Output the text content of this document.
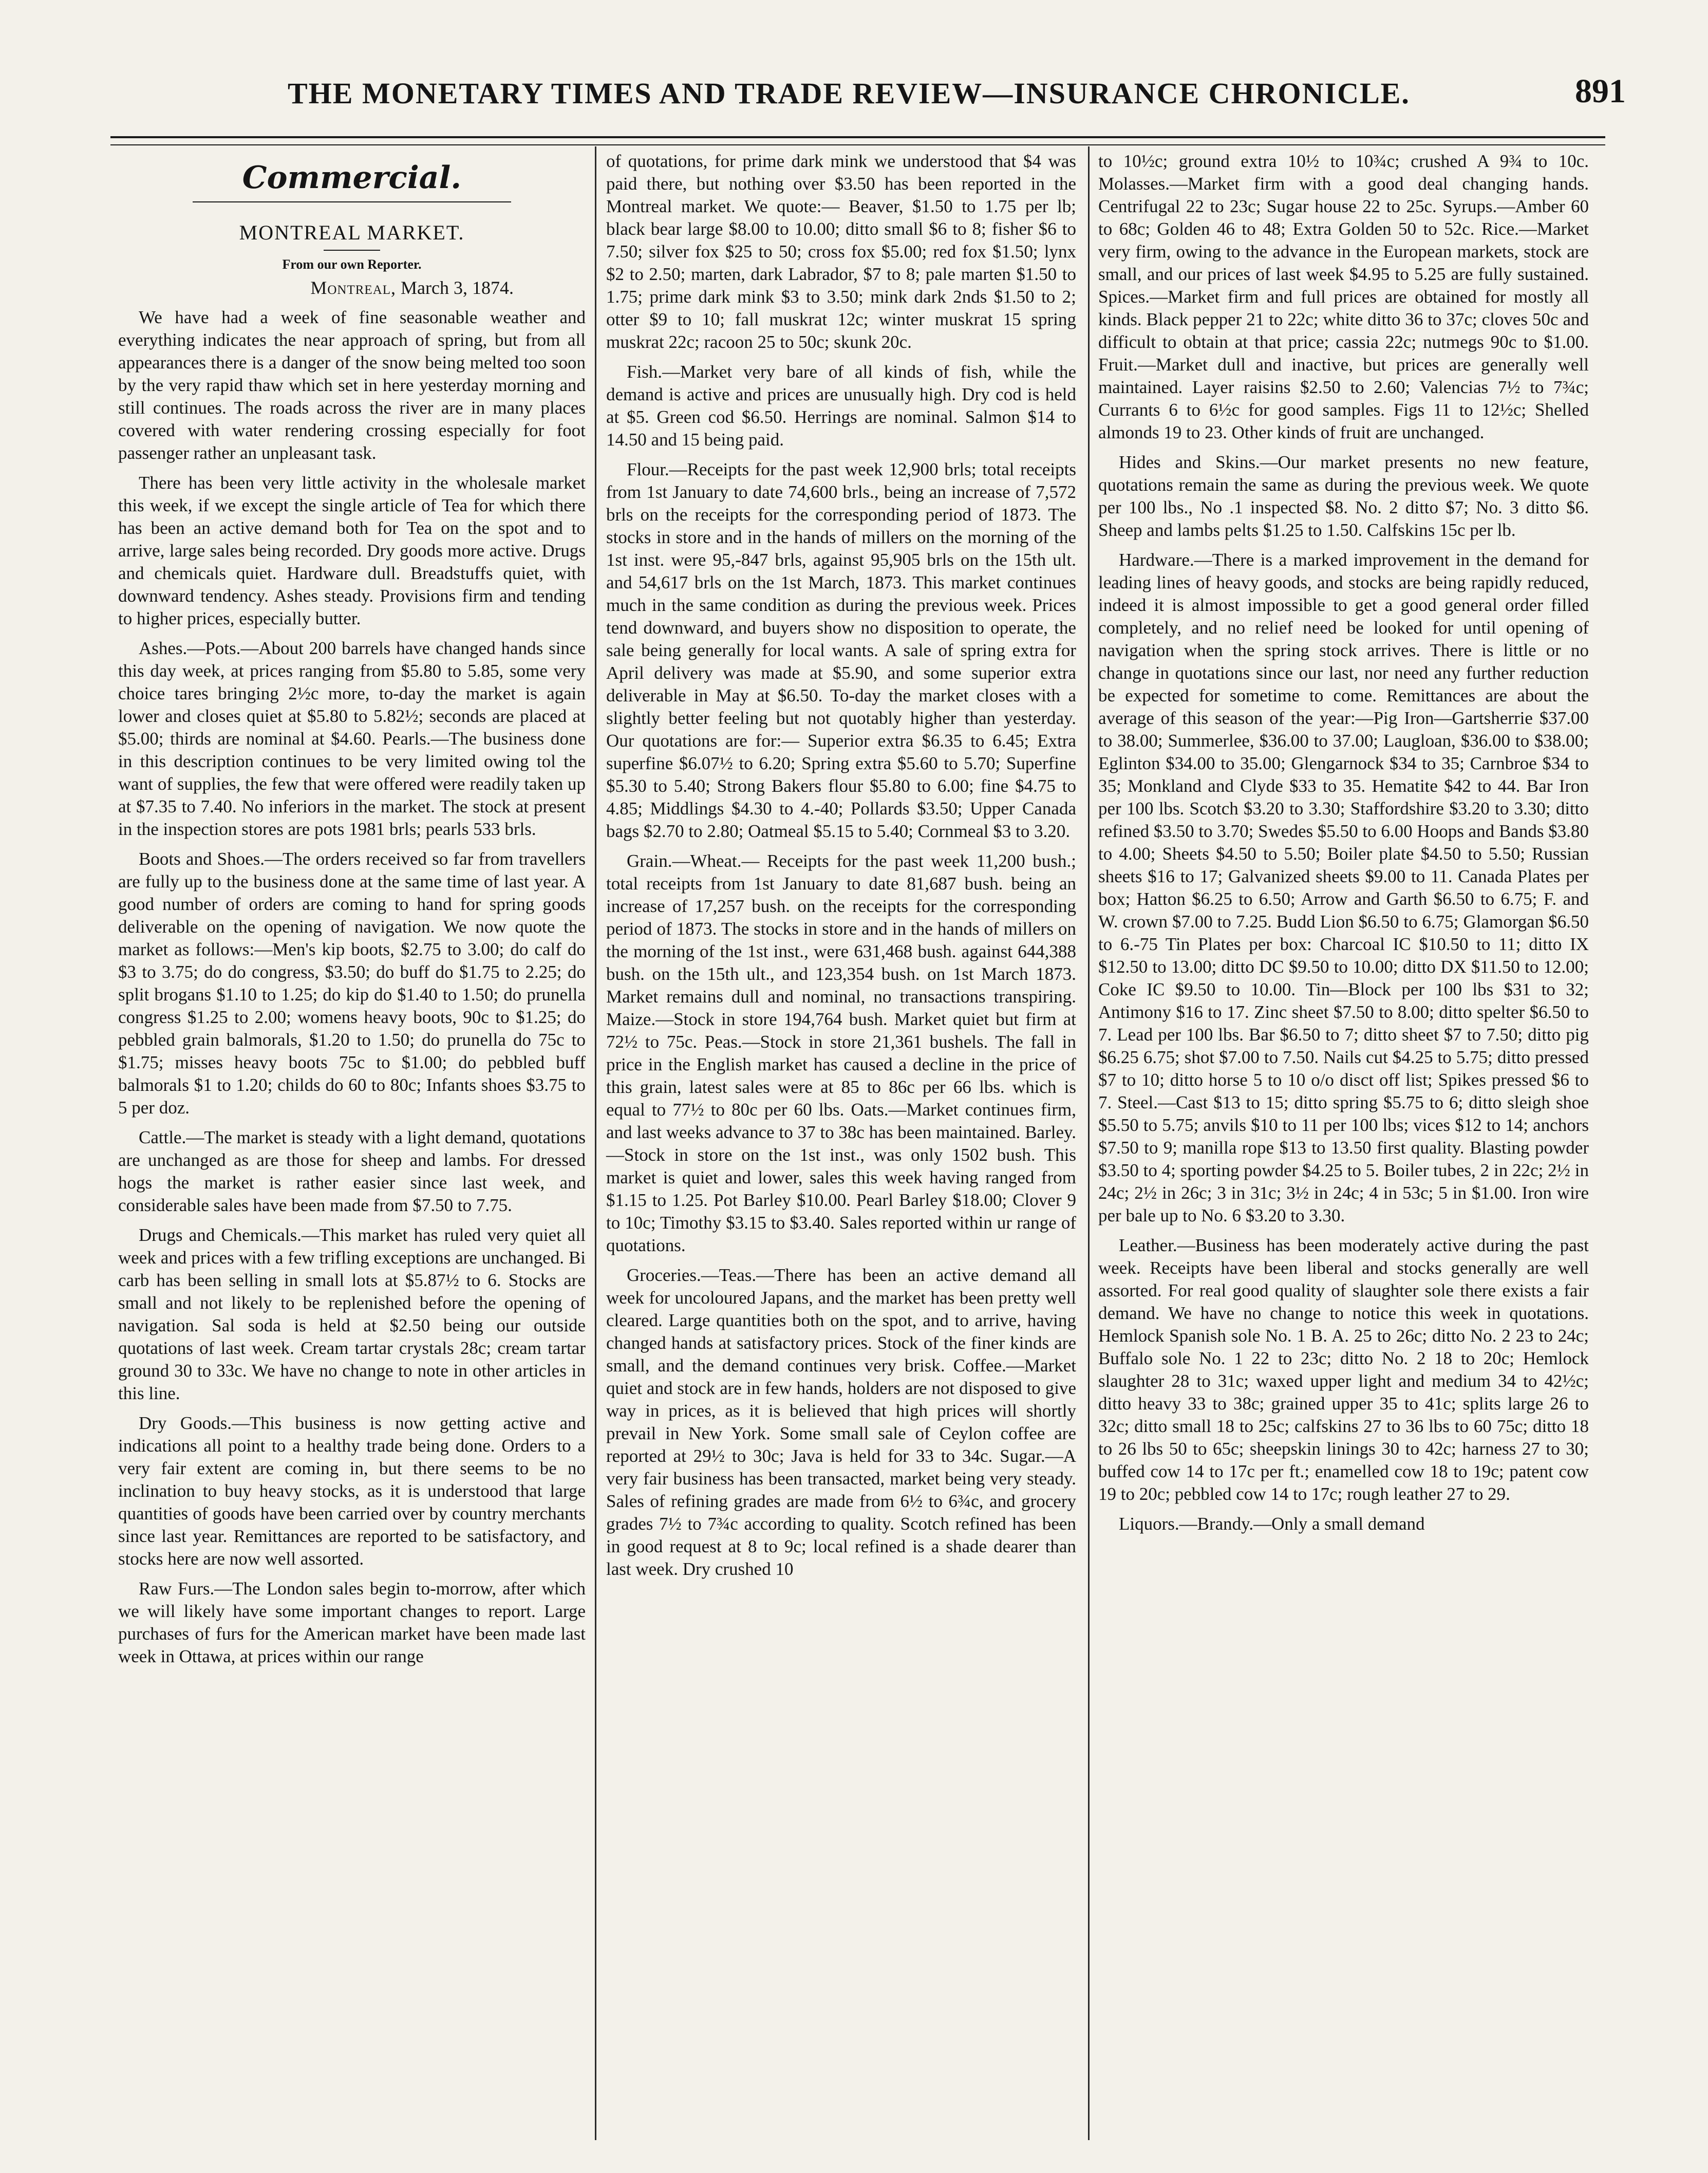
THE MONETARY TIMES AND TRADE REVIEW—INSURANCE CHRONICLE.	891
Commercial.
MONTREAL MARKET.
From our own Reporter.
Montreal, March 3, 1874.

We have had a week of fine seasonable weather and everything indicates the near approach of spring, but from all appearances there is a danger of the snow being melted too soon by the very rapid thaw which set in here yesterday morning and still continues. The roads across the river are in many places covered with water rendering crossing especially for foot passenger rather an unpleasant task.

There has been very little activity in the wholesale market this week, if we except the single article of Tea for which there has been an active demand both for Tea on the spot and to arrive, large sales being recorded. Dry goods more active. Drugs and chemicals quiet. Hardware dull. Breadstuffs quiet, with downward tendency. Ashes steady. Provisions firm and tending to higher prices, especially butter.

Ashes.—Pots.—About 200 barrels have changed hands since this day week, at prices ranging from $5.80 to 5.85, some very choice tares bringing 2½c more, to-day the market is again lower and closes quiet at $5.80 to 5.82½; seconds are placed at $5.00; thirds are nominal at $4.60. Pearls.—The business done in this description continues to be very limited owing tol the want of supplies, the few that were offered were readily taken up at $7.35 to 7.40. No inferiors in the market. The stock at present in the inspection stores are pots 1981 brls; pearls 533 brls.

Boots and Shoes.—The orders received so far from travellers are fully up to the business done at the same time of last year. A good number of orders are coming to hand for spring goods deliverable on the opening of navigation. We now quote the market as follows:—Men's kip boots, $2.75 to 3.00; do calf do $3 to 3.75; do do congress, $3.50; do buff do $1.75 to 2.25; do split brogans $1.10 to 1.25; do kip do $1.40 to 1.50; do prunella congress $1.25 to 2.00; womens heavy boots, 90c to $1.25; do pebbled grain balmorals, $1.20 to 1.50; do prunella do 75c to $1.75; misses heavy boots 75c to $1.00; do pebbled buff balmorals $1 to 1.20; childs do 60 to 80c; Infants shoes $3.75 to 5 per doz.

Cattle.—The market is steady with a light demand, quotations are unchanged as are those for sheep and lambs. For dressed hogs the market is rather easier since last week, and considerable sales have been made from $7.50 to 7.75.

Drugs and Chemicals.—This market has ruled very quiet all week and prices with a few trifling exceptions are unchanged. Bi carb has been selling in small lots at $5.87½ to 6. Stocks are small and not likely to be replenished before the opening of navigation. Sal soda is held at $2.50 being our outside quotations of last week. Cream tartar crystals 28c; cream tartar ground 30 to 33c. We have no change to note in other articles in this line.

Dry Goods.—This business is now getting active and indications all point to a healthy trade being done. Orders to a very fair extent are coming in, but there seems to be no inclination to buy heavy stocks, as it is understood that large quantities of goods have been carried over by country merchants since last year. Remittances are reported to be satisfactory, and stocks here are now well assorted.

Raw Furs.—The London sales begin to-morrow, after which we will likely have some important changes to report. Large purchases of furs for the American market have been made last week in Ottawa, at prices within our range

of quotations, for prime dark mink we understood that $4 was paid there, but nothing over $3.50 has been reported in the Montreal market. We quote:— Beaver, $1.50 to 1.75 per lb; black bear large $8.00 to 10.00; ditto small $6 to 8; fisher $6 to 7.50; silver fox $25 to 50; cross fox $5.00; red fox $1.50; lynx $2 to 2.50; marten, dark Labrador, $7 to 8; pale marten $1.50 to 1.75; prime dark mink $3 to 3.50; mink dark 2nds $1.50 to 2; otter $9 to 10; fall muskrat 12c; winter muskrat 15 spring muskrat 22c; racoon 25 to 50c; skunk 20c.

Fish.—Market very bare of all kinds of fish, while the demand is active and prices are unusually high. Dry cod is held at $5. Green cod $6.50. Herrings are nominal. Salmon $14 to 14.50 and 15 being paid.

Flour.—Receipts for the past week 12,900 brls; total receipts from 1st January to date 74,600 brls., being an increase of 7,572 brls on the receipts for the corresponding period of 1873. The stocks in store and in the hands of millers on the morning of the 1st inst. were 95,-847 brls, against 95,905 brls on the 15th ult. and 54,617 brls on the 1st March, 1873. This market continues much in the same condition as during the previous week. Prices tend downward, and buyers show no disposition to operate, the sale being generally for local wants. A sale of spring extra for April delivery was made at $5.90, and some superior extra deliverable in May at $6.50. To-day the market closes with a slightly better feeling but not quotably higher than yesterday. Our quotations are for:— Superior extra $6.35 to 6.45; Extra superfine $6.07½ to 6.20; Spring extra $5.60 to 5.70; Superfine $5.30 to 5.40; Strong Bakers flour $5.80 to 6.00; fine $4.75 to 4.85; Middlings $4.30 to 4.-40; Pollards $3.50; Upper Canada bags $2.70 to 2.80; Oatmeal $5.15 to 5.40; Cornmeal $3 to 3.20.

Grain.—Wheat.— Receipts for the past week 11,200 bush.; total receipts from 1st January to date 81,687 bush. being an increase of 17,257 bush. on the receipts for the corresponding period of 1873. The stocks in store and in the hands of millers on the morning of the 1st inst., were 631,468 bush. against 644,388 bush. on the 15th ult., and 123,354 bush. on 1st March 1873. Market remains dull and nominal, no transactions transpiring. Maize.—Stock in store 194,764 bush. Market quiet but firm at 72½ to 75c. Peas.—Stock in store 21,361 bushels. The fall in price in the English market has caused a decline in the price of this grain, latest sales were at 85 to 86c per 66 lbs. which is equal to 77½ to 80c per 60 lbs. Oats.—Market continues firm, and last weeks advance to 37 to 38c has been maintained. Barley.—Stock in store on the 1st inst., was only 1502 bush. This market is quiet and lower, sales this week having ranged from $1.15 to 1.25. Pot Barley $10.00. Pearl Barley $18.00; Clover 9 to 10c; Timothy $3.15 to $3.40. Sales reported within ur range of quotations.

Groceries.—Teas.—There has been an active demand all week for uncoloured Japans, and the market has been pretty well cleared. Large quantities both on the spot, and to arrive, having changed hands at satisfactory prices. Stock of the finer kinds are small, and the demand continues very brisk. Coffee.—Market quiet and stock are in few hands, holders are not disposed to give way in prices, as it is believed that high prices will shortly prevail in New York. Some small sale of Ceylon coffee are reported at 29½ to 30c; Java is held for 33 to 34c. Sugar.—A very fair business has been transacted, market being very steady. Sales of refining grades are made from 6½ to 6¾c, and grocery grades 7½ to 7¾c according to quality. Scotch refined has been in good request at 8 to 9c; local refined is a shade dearer than last week. Dry crushed 10

to 10½c; ground extra 10½ to 10¾c; crushed A 9¾ to 10c. Molasses.—Market firm with a good deal changing hands. Centrifugal 22 to 23c; Sugar house 22 to 25c. Syrups.—Amber 60 to 68c; Golden 46 to 48; Extra Golden 50 to 52c. Rice.—Market very firm, owing to the advance in the European markets, stock are small, and our prices of last week $4.95 to 5.25 are fully sustained. Spices.—Market firm and full prices are obtained for mostly all kinds. Black pepper 21 to 22c; white ditto 36 to 37c; cloves 50c and difficult to obtain at that price; cassia 22c; nutmegs 90c to $1.00. Fruit.—Market dull and inactive, but prices are generally well maintained. Layer raisins $2.50 to 2.60; Valencias 7½ to 7¾c; Currants 6 to 6½c for good samples. Figs 11 to 12½c; Shelled almonds 19 to 23. Other kinds of fruit are unchanged.

Hides and Skins.—Our market presents no new feature, quotations remain the same as during the previous week. We quote per 100 lbs., No .1 inspected $8. No. 2 ditto $7; No. 3 ditto $6. Sheep and lambs pelts $1.25 to 1.50. Calfskins 15c per lb.

Hardware.—There is a marked improvement in the demand for leading lines of heavy goods, and stocks are being rapidly reduced, indeed it is almost impossible to get a good general order filled completely, and no relief need be looked for until opening of navigation when the spring stock arrives. There is little or no change in quotations since our last, nor need any further reduction be expected for sometime to come. Remittances are about the average of this season of the year:—Pig Iron—Gartsherrie $37.00 to 38.00; Summerlee, $36.00 to 37.00; Laugloan, $36.00 to $38.00; Eglinton $34.00 to 35.00; Glengarnock $34 to 35; Carnbroe $34 to 35; Monkland and Clyde $33 to 35. Hematite $42 to 44. Bar Iron per 100 lbs. Scotch $3.20 to 3.30; Staffordshire $3.20 to 3.30; ditto refined $3.50 to 3.70; Swedes $5.50 to 6.00 Hoops and Bands $3.80 to 4.00; Sheets $4.50 to 5.50; Boiler plate $4.50 to 5.50; Russian sheets $16 to 17; Galvanized sheets $9.00 to 11. Canada Plates per box; Hatton $6.25 to 6.50; Arrow and Garth $6.50 to 6.75; F. and W. crown $7.00 to 7.25. Budd Lion $6.50 to 6.75; Glamorgan $6.50 to 6.-75 Tin Plates per box: Charcoal IC $10.50 to 11; ditto IX $12.50 to 13.00; ditto DC $9.50 to 10.00; ditto DX $11.50 to 12.00; Coke IC $9.50 to 10.00. Tin—Block per 100 lbs $31 to 32; Antimony $16 to 17. Zinc sheet $7.50 to 8.00; ditto spelter $6.50 to 7. Lead per 100 lbs. Bar $6.50 to 7; ditto sheet $7 to 7.50; ditto pig $6.25 6.75; shot $7.00 to 7.50. Nails cut $4.25 to 5.75; ditto pressed $7 to 10; ditto horse 5 to 10 o/o disct off list; Spikes pressed $6 to 7. Steel.—Cast $13 to 15; ditto spring $5.75 to 6; ditto sleigh shoe $5.50 to 5.75; anvils $10 to 11 per 100 lbs; vices $12 to 14; anchors $7.50 to 9; manilla rope $13 to 13.50 first quality. Blasting powder $3.50 to 4; sporting powder $4.25 to 5. Boiler tubes, 2 in 22c; 2½ in 24c; 2½ in 26c; 3 in 31c; 3½ in 24c; 4 in 53c; 5 in $1.00. Iron wire per bale up to No. 6 $3.20 to 3.30.

Leather.—Business has been moderately active during the past week. Receipts have been liberal and stocks generally are well assorted. For real good quality of slaughter sole there exists a fair demand. We have no change to notice this week in quotations. Hemlock Spanish sole No. 1 B. A. 25 to 26c; ditto No. 2 23 to 24c; Buffalo sole No. 1 22 to 23c; ditto No. 2 18 to 20c; Hemlock slaughter 28 to 31c; waxed upper light and medium 34 to 42½c; ditto heavy 33 to 38c; grained upper 35 to 41c; splits large 26 to 32c; ditto small 18 to 25c; calfskins 27 to 36 lbs to 60 75c; ditto 18 to 26 lbs 50 to 65c; sheepskin linings 30 to 42c; harness 27 to 30; buffed cow 14 to 17c per ft.; enamelled cow 18 to 19c; patent cow 19 to 20c; pebbled cow 14 to 17c; rough leather 27 to 29.

Liquors.—Brandy.—Only a small demand
